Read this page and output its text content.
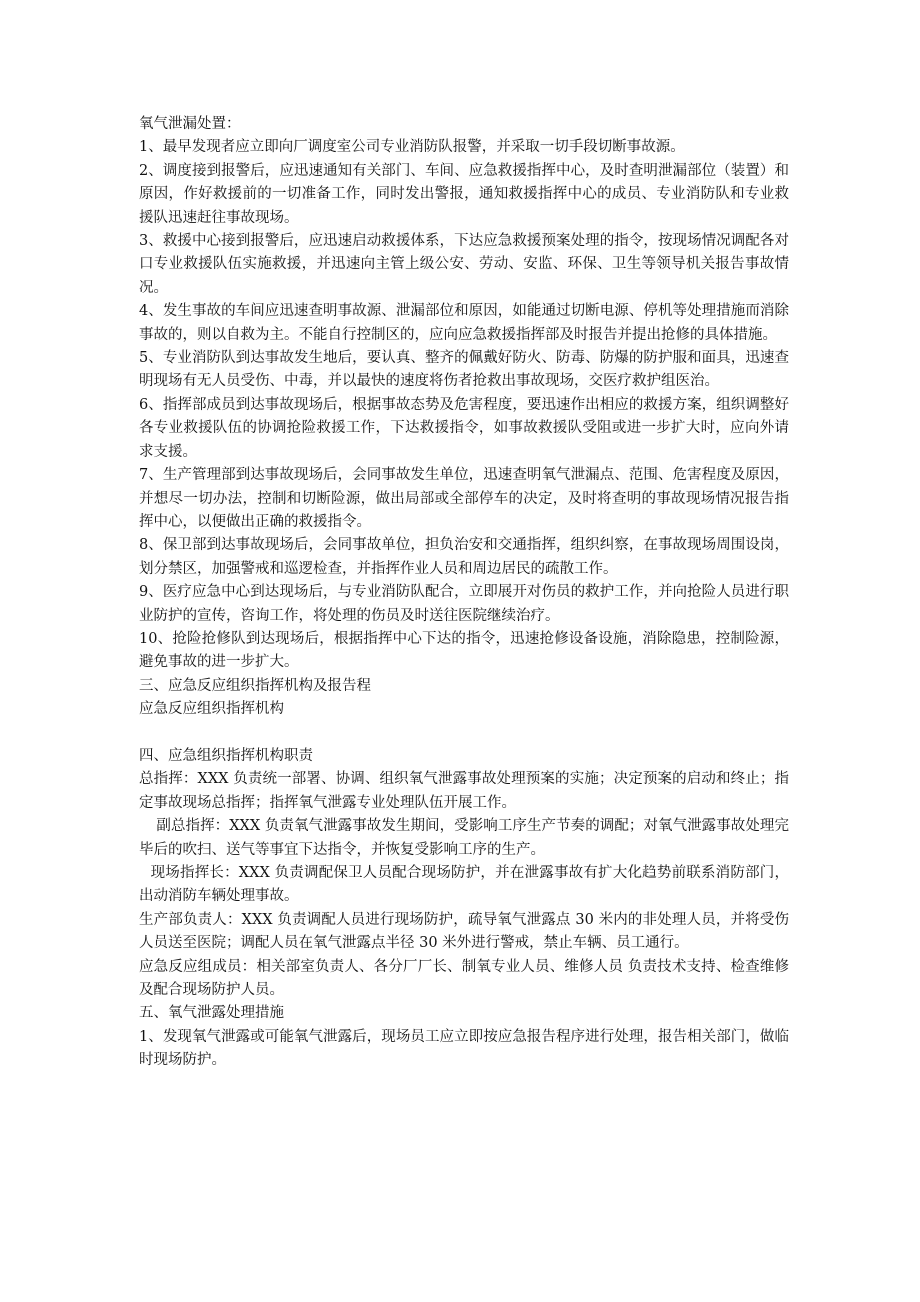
氧气泄漏处置：

1、最早发现者应立即向厂调度室公司专业消防队报警，并采取一切手段切断事故源。

2、调度接到报警后，应迅速通知有关部门、车间、应急救援指挥中心，及时查明泄漏部位（装置）和原因，作好救援前的一切准备工作，同时发出警报，通知救援指挥中心的成员、专业消防队和专业救援队迅速赶往事故现场。

3、救援中心接到报警后，应迅速启动救援体系，下达应急救援预案处理的指令，按现场情况调配各对口专业救援队伍实施救援，并迅速向主管上级公安、劳动、安监、环保、卫生等领导机关报告事故情况。

4、发生事故的车间应迅速查明事故源、泄漏部位和原因，如能通过切断电源、停机等处理措施而消除事故的，则以自救为主。不能自行控制区的，应向应急救援指挥部及时报告并提出抢修的具体措施。

5、专业消防队到达事故发生地后，要认真、整齐的佩戴好防火、防毒、防爆的防护服和面具，迅速查明现场有无人员受伤、中毒，并以最快的速度将伤者抢救出事故现场，交医疗救护组医治。

6、指挥部成员到达事故现场后，根据事故态势及危害程度，要迅速作出相应的救援方案，组织调整好各专业救援队伍的协调抢险救援工作，下达救援指令，如事故救援队受阻或进一步扩大时，应向外请求支援。

7、生产管理部到达事故现场后，会同事故发生单位，迅速查明氧气泄漏点、范围、危害程度及原因，并想尽一切办法，控制和切断险源，做出局部或全部停车的决定，及时将查明的事故现场情况报告指挥中心，以便做出正确的救援指令。

8、保卫部到达事故现场后，会同事故单位，担负治安和交通指挥，组织纠察，在事故现场周围设岗，划分禁区，加强警戒和巡逻检查，并指挥作业人员和周边居民的疏散工作。

9、医疗应急中心到达现场后，与专业消防队配合，立即展开对伤员的救护工作，并向抢险人员进行职业防护的宣传，咨询工作，将处理的伤员及时送往医院继续治疗。

10、抢险抢修队到达现场后，根据指挥中心下达的指令，迅速抢修设备设施，消除隐患，控制险源，避免事故的进一步扩大。

三、应急反应组织指挥机构及报告程

应急反应组织指挥机构

四、应急组织指挥机构职责

总指挥：XXX 负责统一部署、协调、组织氧气泄露事故处理预案的实施；决定预案的启动和终止；指定事故现场总指挥；指挥氧气泄露专业处理队伍开展工作。

副总指挥：XXX 负责氧气泄露事故发生期间，受影响工序生产节奏的调配；对氧气泄露事故处理完毕后的吹扫、送气等事宜下达指令，并恢复受影响工序的生产。

现场指挥长：XXX 负责调配保卫人员配合现场防护，并在泄露事故有扩大化趋势前联系消防部门，出动消防车辆处理事故。

生产部负责人：XXX 负责调配人员进行现场防护，疏导氧气泄露点 30 米内的非处理人员，并将受伤人员送至医院；调配人员在氧气泄露点半径 30 米外进行警戒，禁止车辆、员工通行。

应急反应组成员：相关部室负责人、各分厂厂长、制氧专业人员、维修人员 负责技术支持、检查维修及配合现场防护人员。

五、氧气泄露处理措施

1、发现氧气泄露或可能氧气泄露后，现场员工应立即按应急报告程序进行处理，报告相关部门，做临时现场防护。
